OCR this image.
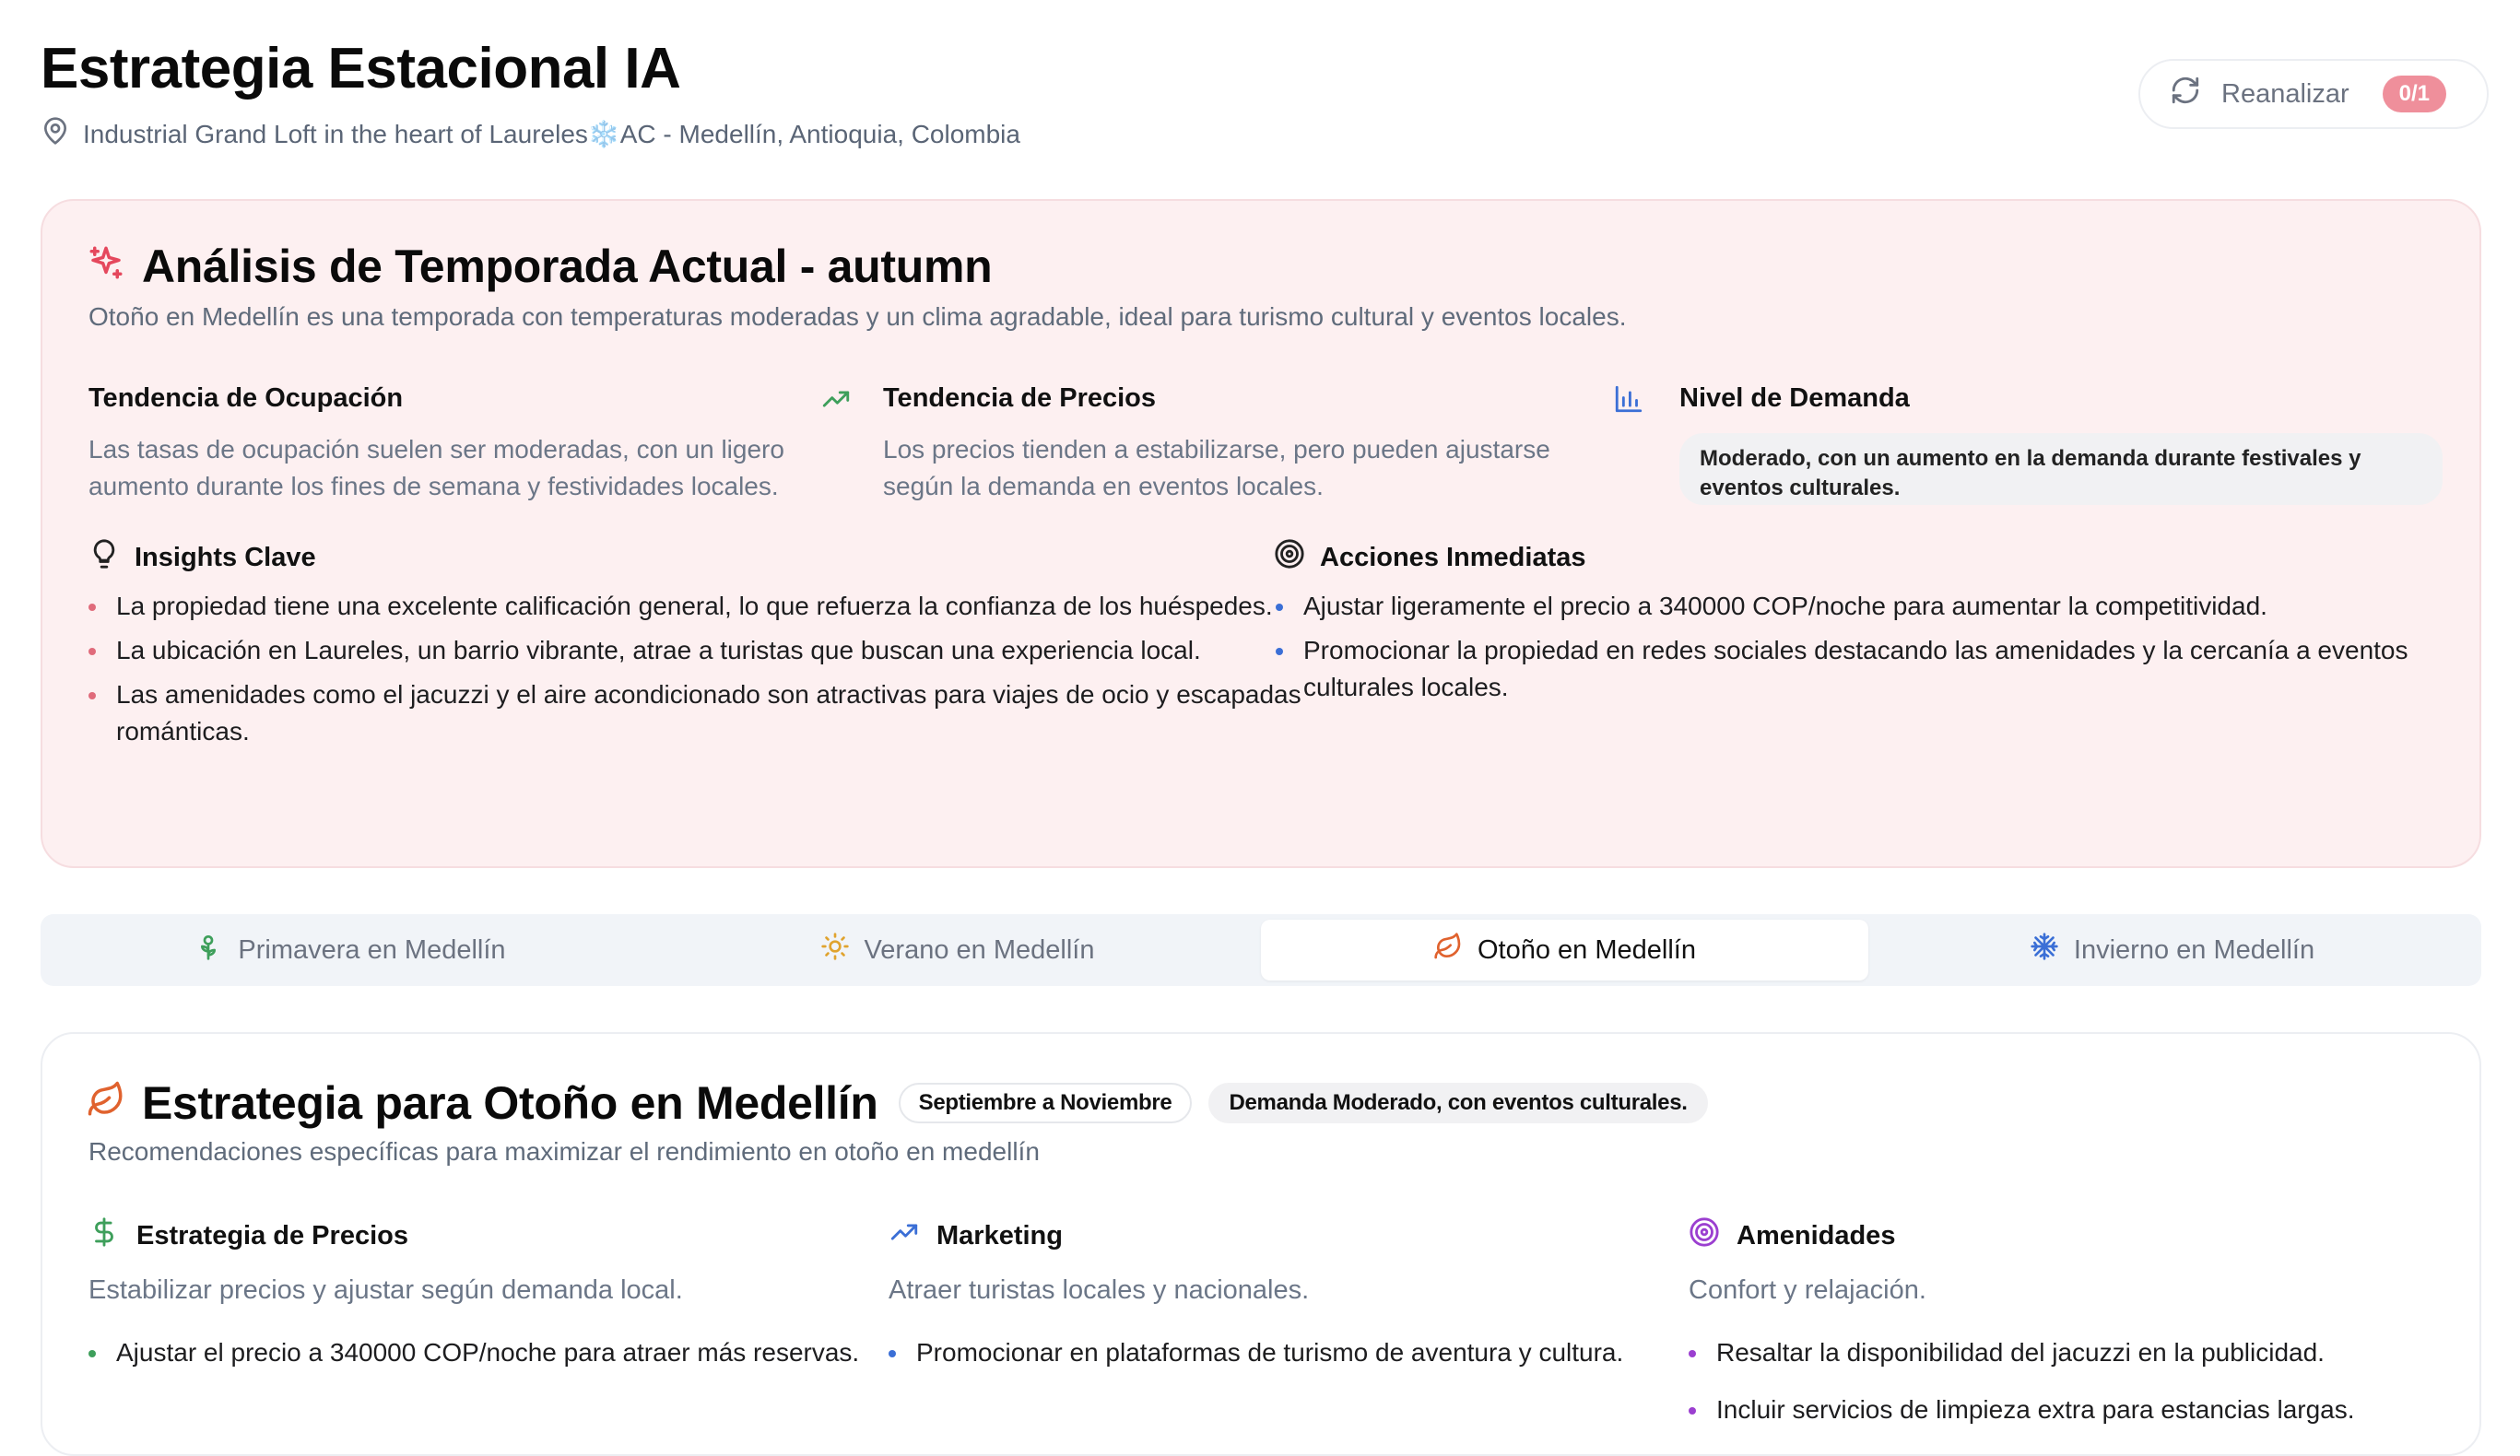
Estrategia Estacional IA
Industrial Grand Loft in the heart of Laureles❄️AC - Medellín, Antioquia, Colombia
Reanalizar	0/1
Análisis de Temporada Actual - autumn
Otoño en Medellín es una temporada con temperaturas moderadas y un clima agradable, ideal para turismo cultural y eventos locales.
Tendencia de Ocupación
Las tasas de ocupación suelen ser moderadas, con un ligero aumento durante los fines de semana y festividades locales.
Tendencia de Precios
Los precios tienden a estabilizarse, pero pueden ajustarse según la demanda en eventos locales.
Nivel de Demanda
Moderado, con un aumento en la demanda durante festivales y eventos culturales.
Insights Clave
La propiedad tiene una excelente calificación general, lo que refuerza la confianza de los huéspedes.
La ubicación en Laureles, un barrio vibrante, atrae a turistas que buscan una experiencia local.
Las amenidades como el jacuzzi y el aire acondicionado son atractivas para viajes de ocio y escapadas románticas.
Acciones Inmediatas
Ajustar ligeramente el precio a 340000 COP/noche para aumentar la competitividad.
Promocionar la propiedad en redes sociales destacando las amenidades y la cercanía a eventos culturales locales.
Primavera en Medellín	Verano en Medellín	Otoño en Medellín	Invierno en Medellín
Estrategia para Otoño en Medellín	Septiembre a Noviembre	Demanda Moderado, con eventos culturales.
Recomendaciones específicas para maximizar el rendimiento en otoño en medellín
Estrategia de Precios
Estabilizar precios y ajustar según demanda local.
Ajustar el precio a 340000 COP/noche para atraer más reservas.
Marketing
Atraer turistas locales y nacionales.
Promocionar en plataformas de turismo de aventura y cultura.
Amenidades
Confort y relajación.
Resaltar la disponibilidad del jacuzzi en la publicidad.
Incluir servicios de limpieza extra para estancias largas.
